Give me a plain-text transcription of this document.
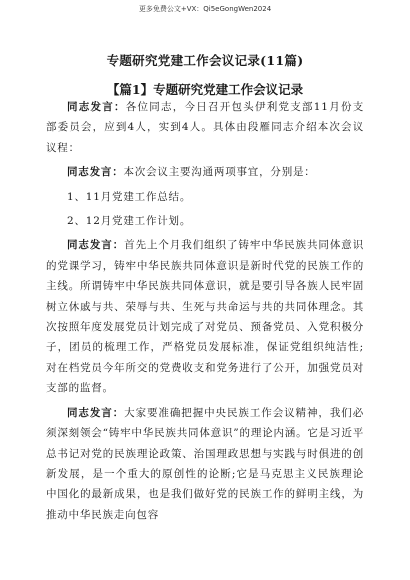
更多免费公文+VX：Qi5eGongWen2024
专题研究党建工作会议记录(11篇)
【篇1】专题研究党建工作会议记录

同志发言：各位同志，今日召开包头伊利党支部11月份支部委员会，应到4人，实到4人。具体由段雁同志介绍本次会议议程：

同志发言：本次会议主要沟通两项事宜，分别是：

1、11月党建工作总结。

2、12月党建工作计划。

同志发言：首先上个月我们组织了铸牢中华民族共同体意识的党课学习，铸牢中华民族共同体意识是新时代党的民族工作的主线。所谓铸牢中华民族共同体意识，就是要引导各族人民牢固树立休戚与共、荣辱与共、生死与共命运与共的共同体理念。其次按照年度发展党员计划完成了对党员、预备党员、入党积极分子，团员的梳理工作，严格党员发展标准，保证党组织纯洁性;对在档党员今年所交的党费收支和党务进行了公开，加强党员对支部的监督。

同志发言：大家要准确把握中央民族工作会议精神，我们必须深刻领会“铸牢中华民族共同体意识”的理论内涵。它是习近平总书记对党的民族理论政策、治国理政思想与实践与时俱进的创新发展，是一个重大的原创性的论断;它是马克思主义民族理论中国化的最新成果，也是我们做好党的民族工作的鲜明主线，为推动中华民族走向包容
